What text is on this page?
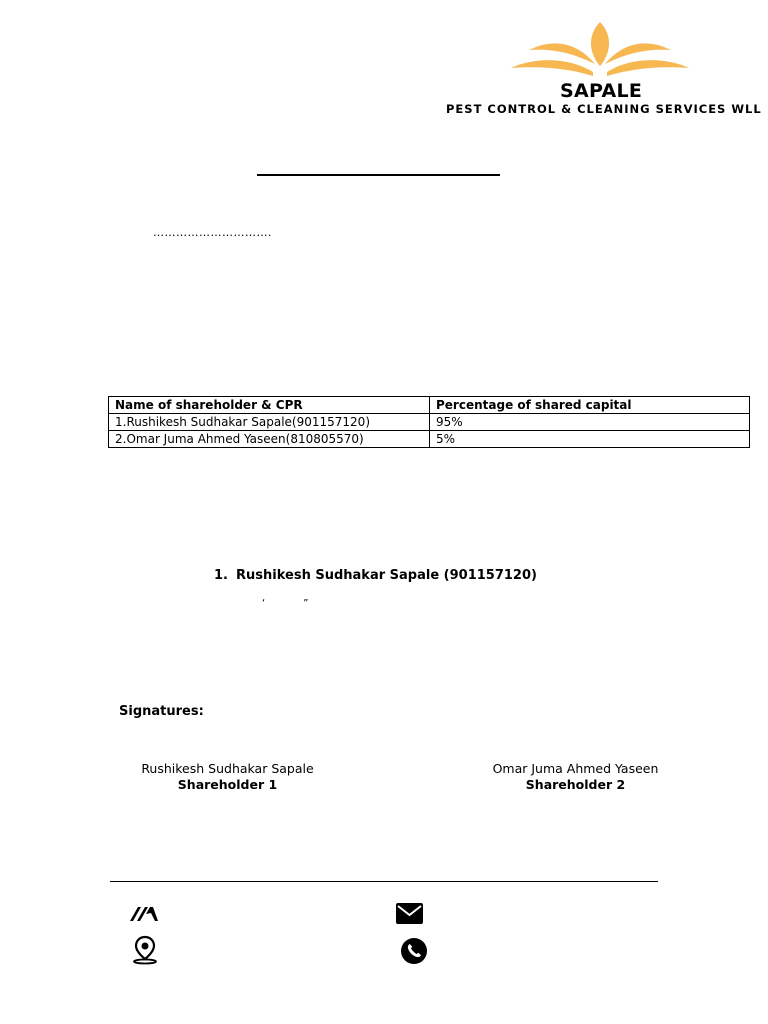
SAPALE
PEST CONTROL & CLEANING SERVICES WLL
………………………….
Name of shareholder & CPR	Percentage of shared capital
1.Rushikesh Sudhakar Sapale(901157120)	95%
2.Omar Juma Ahmed Yaseen(810805570)	5%
1. Rushikesh Sudhakar Sapale (901157120)
‘	”
Signatures:
Rushikesh Sudhakar Sapale
Shareholder 1
Omar Juma Ahmed Yaseen
Shareholder 2
